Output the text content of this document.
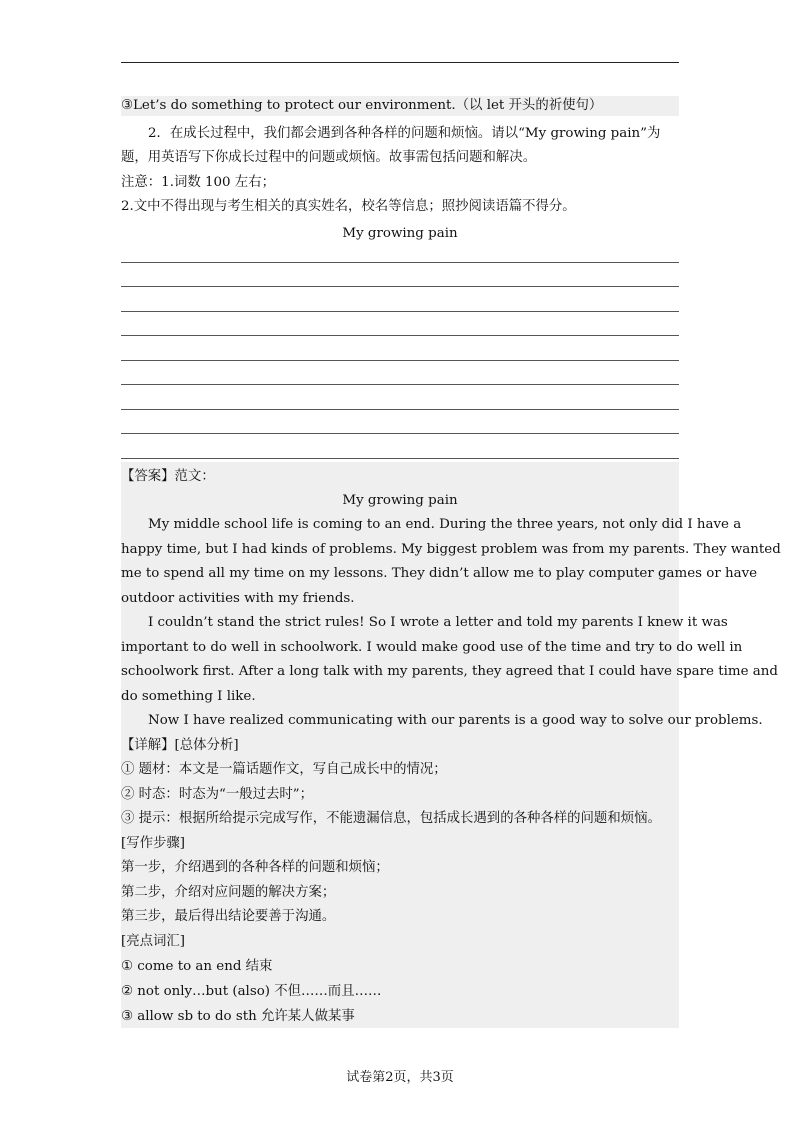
③Let’s do something to protect our environment.（以 let 开头的祈使句）
2．在成长过程中，我们都会遇到各种各样的问题和烦恼。请以“My growing pain”为
题，用英语写下你成长过程中的问题或烦恼。故事需包括问题和解决。
注意：1.词数 100 左右；
2.文中不得出现与考生相关的真实姓名，校名等信息；照抄阅读语篇不得分。
My growing pain
【答案】范文：
My growing pain
My middle school life is coming to an end. During the three years, not only did I have a
happy time, but I had kinds of problems. My biggest problem was from my parents. They wanted
me to spend all my time on my lessons. They didn’t allow me to play computer games or have
outdoor activities with my friends.
I couldn’t stand the strict rules! So I wrote a letter and told my parents I knew it was
important to do well in schoolwork. I would make good use of the time and try to do well in
schoolwork first. After a long talk with my parents, they agreed that I could have spare time and
do something I like.
Now I have realized communicating with our parents is a good way to solve our problems.
【详解】[总体分析]
① 题材：本文是一篇话题作文，写自己成长中的情况；
② 时态：时态为“一般过去时”；
③ 提示：根据所给提示完成写作，不能遗漏信息，包括成长遇到的各种各样的问题和烦恼。
[写作步骤]
第一步，介绍遇到的各种各样的问题和烦恼；
第二步，介绍对应问题的解决方案；
第三步，最后得出结论要善于沟通。
[亮点词汇]
① come to an end 结束
② not only…but (also) 不但……而且……
③ allow sb to do sth 允许某人做某事
试卷第2页，共3页
